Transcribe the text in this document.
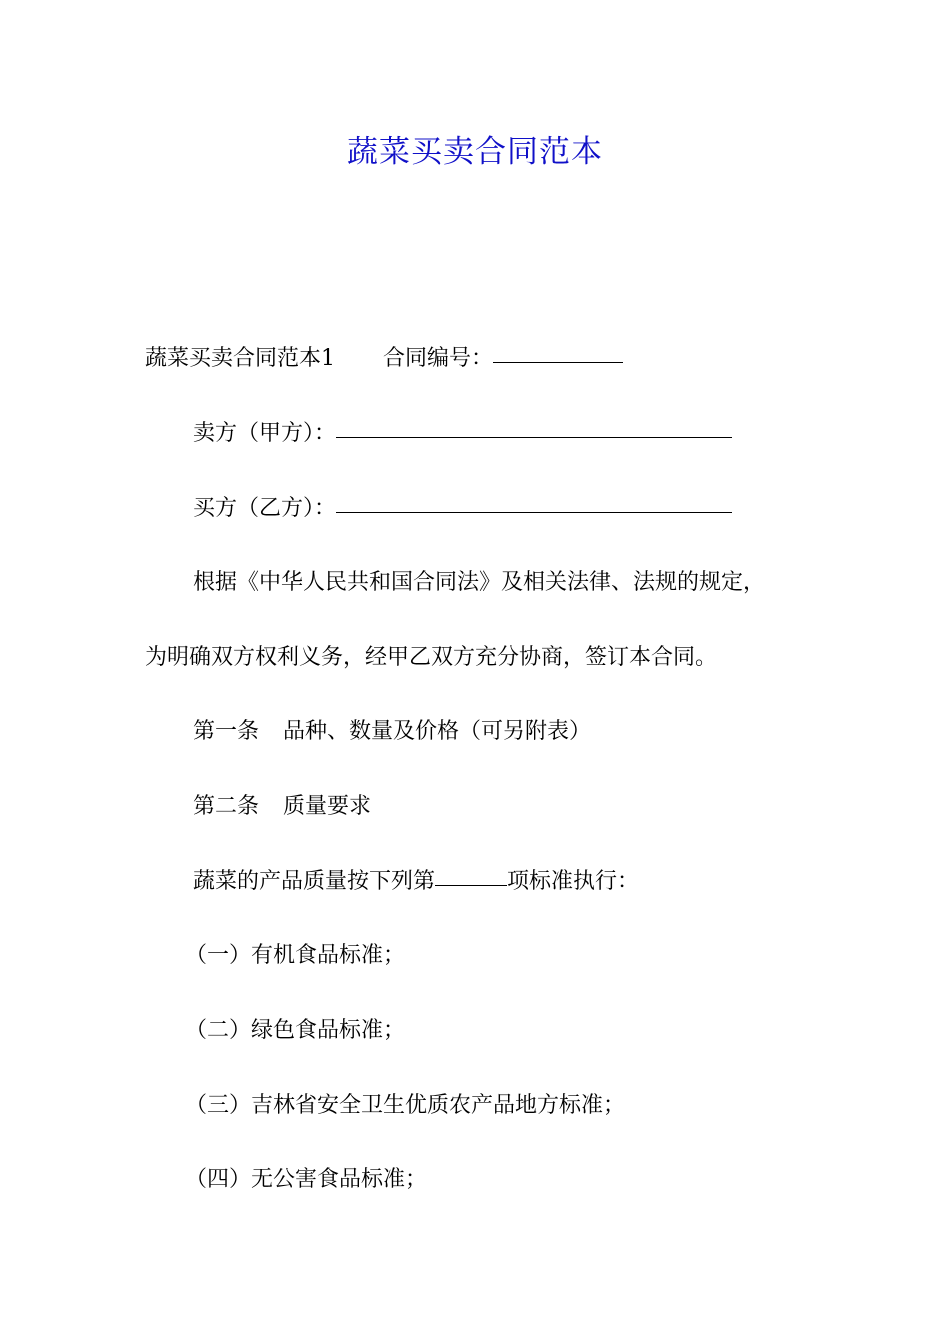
蔬菜买卖合同范本
蔬菜买卖合同范本1 合同编号：
卖方（甲方）：
买方（乙方）：
根据《中华人民共和国合同法》及相关法律、法规的规定，
为明确双方权利义务，经甲乙双方充分协商，签订本合同。
第一条 品种、数量及价格（可另附表）
第二条 质量要求
蔬菜的产品质量按下列第	项标准执行：
（一）有机食品标准；
（二）绿色食品标准；
（三）吉林省安全卫生优质农产品地方标准；
（四）无公害食品标准；
